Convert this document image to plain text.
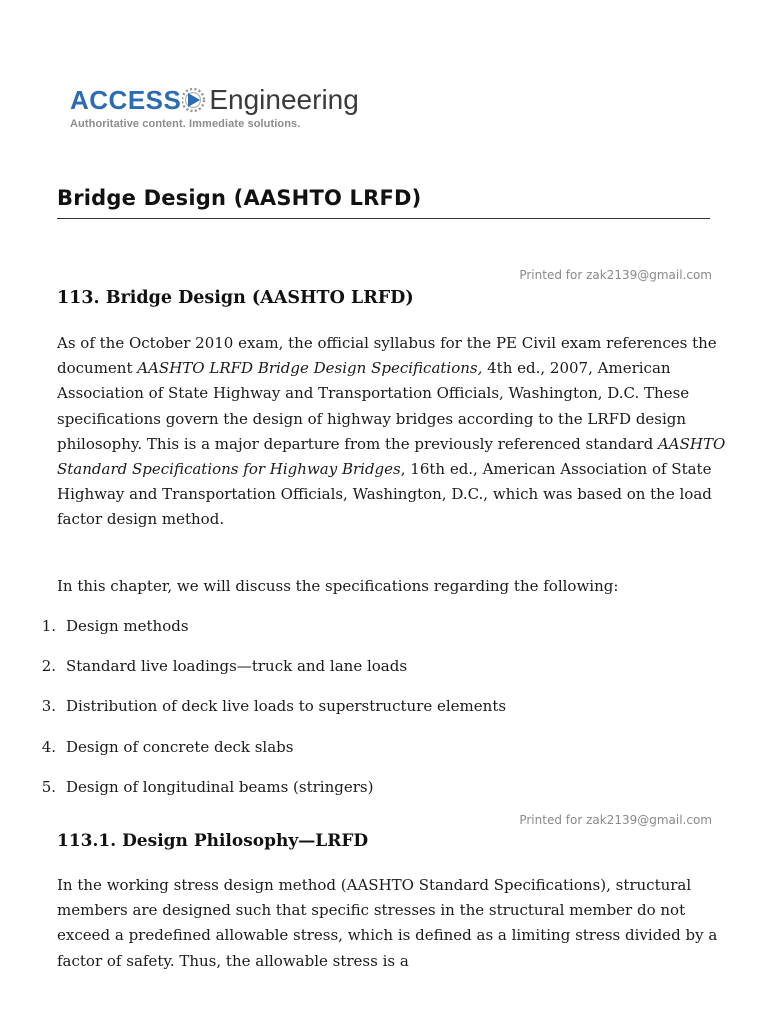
ACCESS Engineering
Authoritative content. Immediate solutions.
Bridge Design (AASHTO LRFD)
Printed for zak2139@gmail.com
113. Bridge Design (AASHTO LRFD)

As of the October 2010 exam, the official syllabus for the PE Civil exam references the document AASHTO LRFD Bridge Design Specifications, 4th ed., 2007, American Association of State Highway and Transportation Officials, Washington, D.C. These specifications govern the design of highway bridges according to the LRFD design philosophy. This is a major departure from the previously referenced standard AASHTO Standard Specifications for Highway Bridges, 16th ed., American Association of State Highway and Transportation Officials, Washington, D.C., which was based on the load factor design method.

In this chapter, we will discuss the specifications regarding the following:

1. Design methods
2. Standard live loadings—truck and lane loads
3. Distribution of deck live loads to superstructure elements
4. Design of concrete deck slabs
5. Design of longitudinal beams (stringers)
Printed for zak2139@gmail.com
113.1. Design Philosophy—LRFD

In the working stress design method (AASHTO Standard Specifications), structural members are designed such that specific stresses in the structural member do not exceed a predefined allowable stress, which is defined as a limiting stress divided by a factor of safety. Thus, the allowable stress is a
